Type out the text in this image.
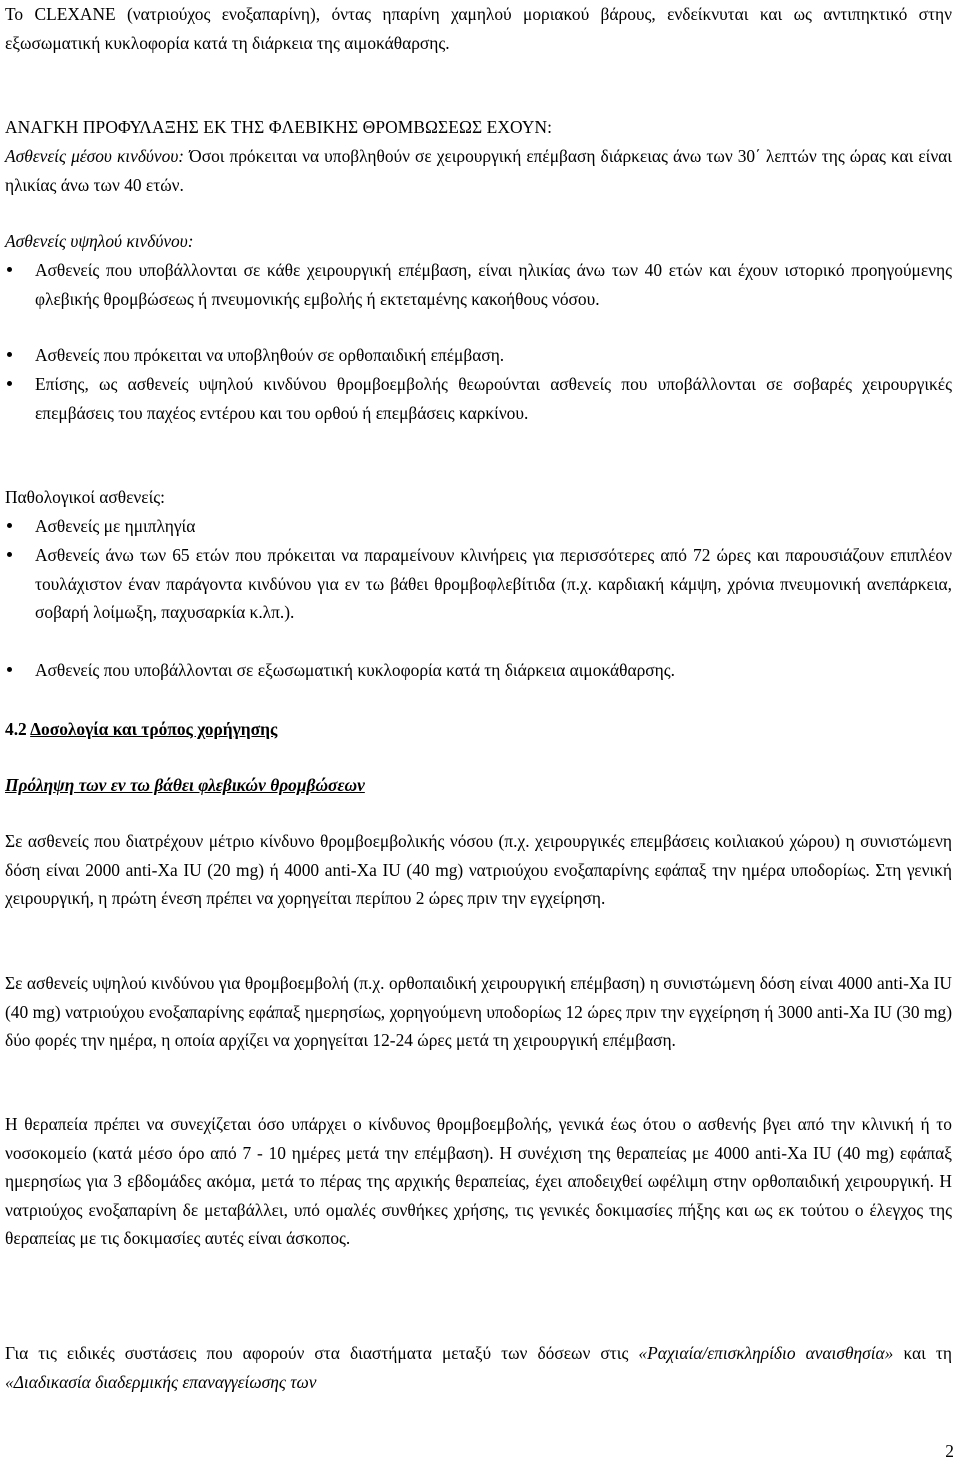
Το CLEXANE (νατριούχος ενοξαπαρίνη), όντας ηπαρίνη χαμηλού μοριακού βάρους, ενδείκνυται και ως αντιπηκτικό στην εξωσωματική κυκλοφορία κατά τη διάρκεια της αιμοκάθαρσης.

ΑΝΑΓΚΗ ΠΡΟΦΥΛΑΞΗΣ ΕΚ ΤΗΣ ΦΛΕΒΙΚΗΣ ΘΡΟΜΒΩΣΕΩΣ ΕΧΟΥΝ:

Ασθενείς μέσου κινδύνου: Όσοι πρόκειται να υποβληθούν σε χειρουργική επέμβαση διάρκειας άνω των 30΄ λεπτών της ώρας και είναι ηλικίας άνω των 40 ετών.

Ασθενείς υψηλού κινδύνου:

Ασθενείς που υποβάλλονται σε κάθε χειρουργική επέμβαση, είναι ηλικίας άνω των 40 ετών και έχουν ιστορικό προηγούμενης φλεβικής θρομβώσεως ή πνευμονικής εμβολής ή εκτεταμένης κακοήθους νόσου.
Ασθενείς που πρόκειται να υποβληθούν σε ορθοπαιδική επέμβαση.
Επίσης, ως ασθενείς υψηλού κινδύνου θρομβοεμβολής θεωρούνται ασθενείς που υποβάλλονται σε σοβαρές χειρουργικές επεμβάσεις του παχέος εντέρου και του ορθού ή επεμβάσεις καρκίνου.

Παθολογικοί ασθενείς:

Ασθενείς με ημιπληγία
Ασθενείς άνω των 65 ετών που πρόκειται να παραμείνουν κλινήρεις για περισσότερες από 72 ώρες και παρουσιάζουν επιπλέον τουλάχιστον έναν παράγοντα κινδύνου για εν τω βάθει θρομβοφλεβίτιδα (π.χ. καρδιακή κάμψη, χρόνια πνευμονική ανεπάρκεια, σοβαρή λοίμωξη, παχυσαρκία κ.λπ.).
Ασθενείς που υποβάλλονται σε εξωσωματική κυκλοφορία κατά τη διάρκεια αιμοκάθαρσης.

4.2 Δοσολογία και τρόπος χορήγησης

Πρόληψη των εν τω βάθει φλεβικών θρομβώσεων

Σε ασθενείς που διατρέχουν μέτριο κίνδυνο θρομβοεμβολικής νόσου (π.χ. χειρουργικές επεμβάσεις κοιλιακού χώρου) η συνιστώμενη δόση είναι 2000 anti-Xa IU (20 mg) ή 4000 anti-Xa IU (40 mg) νατριούχου ενοξαπαρίνης εφάπαξ την ημέρα υποδορίως. Στη γενική χειρουργική, η πρώτη ένεση πρέπει να χορηγείται περίπου 2 ώρες πριν την εγχείρηση.

Σε ασθενείς υψηλού κινδύνου για θρομβοεμβολή (π.χ. ορθοπαιδική χειρουργική επέμβαση) η συνιστώμενη δόση είναι 4000 anti-Xa IU (40 mg) νατριούχου ενοξαπαρίνης εφάπαξ ημερησίως, χορηγούμενη υποδορίως 12 ώρες πριν την εγχείρηση ή 3000 anti-Xa IU (30 mg) δύο φορές την ημέρα, η οποία αρχίζει να χορηγείται 12-24 ώρες μετά τη χειρουργική επέμβαση.

Η θεραπεία πρέπει να συνεχίζεται όσο υπάρχει ο κίνδυνος θρομβοεμβολής, γενικά έως ότου ο ασθενής βγει από την κλινική ή το νοσοκομείο (κατά μέσο όρο από 7 - 10 ημέρες μετά την επέμβαση). Η συνέχιση της θεραπείας με 4000 anti-Xa IU (40 mg) εφάπαξ ημερησίως για 3 εβδομάδες ακόμα, μετά το πέρας της αρχικής θεραπείας, έχει αποδειχθεί ωφέλιμη στην ορθοπαιδική χειρουργική. Η νατριούχος ενοξαπαρίνη δε μεταβάλλει, υπό ομαλές συνθήκες χρήσης, τις γενικές δοκιμασίες πήξης και ως εκ τούτου ο έλεγχος της θεραπείας με τις δοκιμασίες αυτές είναι άσκοπος.

Για τις ειδικές συστάσεις που αφορούν στα διαστήματα μεταξύ των δόσεων στις «Ραχιαία/επισκληρίδιο αναισθησία» και τη «Διαδικασία διαδερμικής επαναγγείωσης των

2
